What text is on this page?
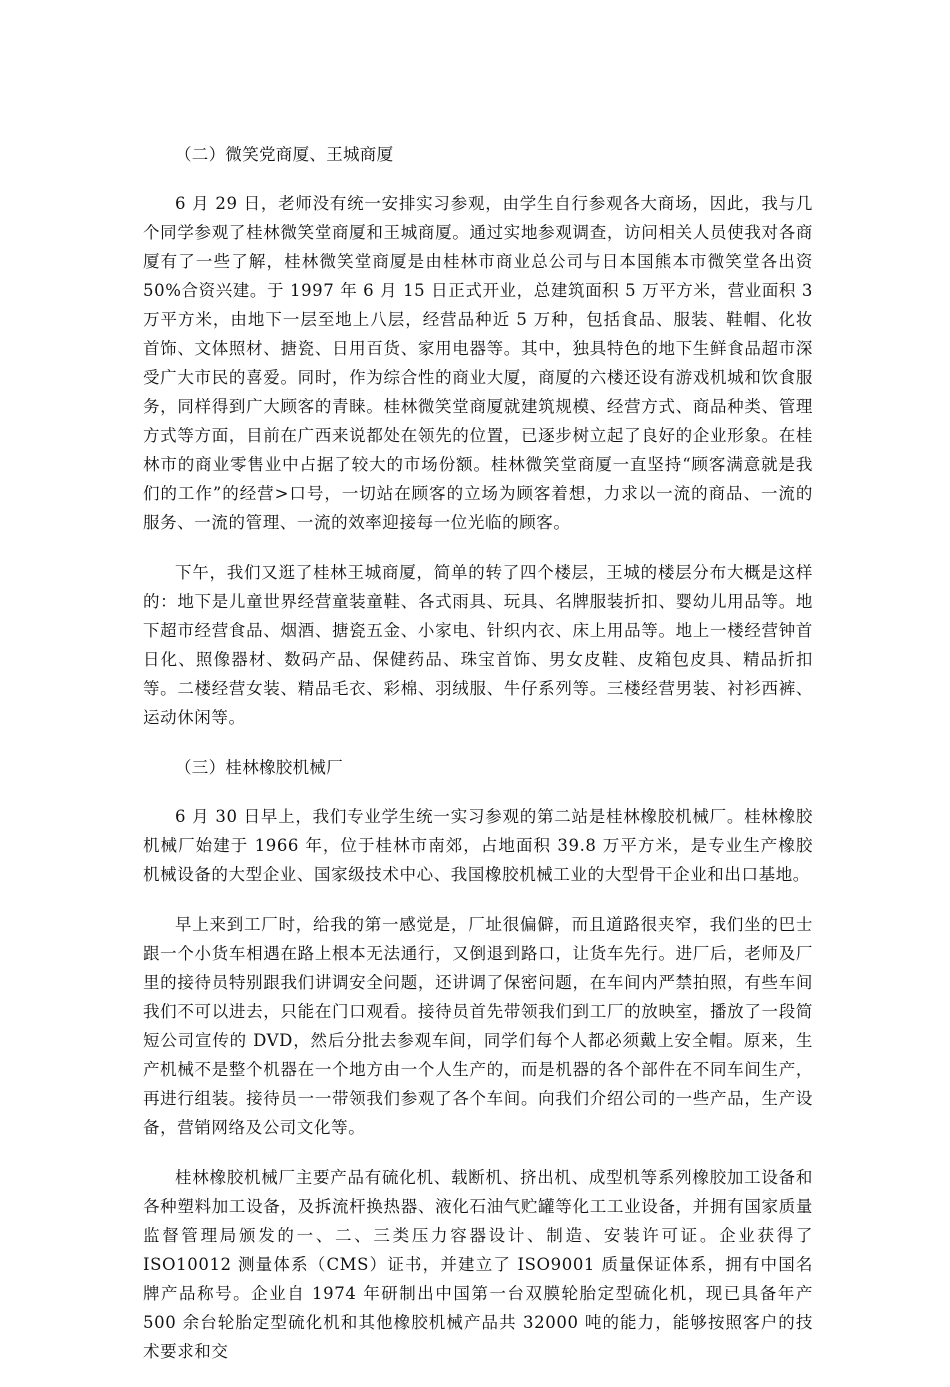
（二）微笑党商厦、王城商厦

6 月 29 日，老师没有统一安排实习参观，由学生自行参观各大商场，因此，我与几个同学参观了桂林微笑堂商厦和王城商厦。通过实地参观调查，访问相关人员使我对各商厦有了一些了解，桂林微笑堂商厦是由桂林市商业总公司与日本国熊本市微笑堂各出资 50%合资兴建。于 1997 年 6 月 15 日正式开业，总建筑面积 5 万平方米，营业面积 3 万平方米，由地下一层至地上八层，经营品种近 5 万种，包括食品、服装、鞋帽、化妆首饰、文体照材、搪瓷、日用百货、家用电器等。其中，独具特色的地下生鲜食品超市深受广大市民的喜爱。同时，作为综合性的商业大厦，商厦的六楼还设有游戏机城和饮食服务，同样得到广大顾客的青睐。桂林微笑堂商厦就建筑规模、经营方式、商品种类、管理方式等方面，目前在广西来说都处在领先的位置，已逐步树立起了良好的企业形象。在桂林市的商业零售业中占据了较大的市场份额。桂林微笑堂商厦一直坚持“顾客满意就是我们的工作”的经营>口号，一切站在顾客的立场为顾客着想，力求以一流的商品、一流的服务、一流的管理、一流的效率迎接每一位光临的顾客。

下午，我们又逛了桂林王城商厦，简单的转了四个楼层，王城的楼层分布大概是这样的：地下是儿童世界经营童装童鞋、各式雨具、玩具、名牌服装折扣、婴幼儿用品等。地下超市经营食品、烟酒、搪瓷五金、小家电、针织内衣、床上用品等。地上一楼经营钟首日化、照像器材、数码产品、保健药品、珠宝首饰、男女皮鞋、皮箱包皮具、精品折扣等。二楼经营女装、精品毛衣、彩棉、羽绒服、牛仔系列等。三楼经营男装、衬衫西裤、运动休闲等。

（三）桂林橡胶机械厂

6 月 30 日早上，我们专业学生统一实习参观的第二站是桂林橡胶机械厂。桂林橡胶机械厂始建于 1966 年，位于桂林市南郊，占地面积 39.8 万平方米，是专业生产橡胶机械设备的大型企业、国家级技术中心、我国橡胶机械工业的大型骨干企业和出口基地。

早上来到工厂时，给我的第一感觉是，厂址很偏僻，而且道路很夹窄，我们坐的巴士跟一个小货车相遇在路上根本无法通行，又倒退到路口，让货车先行。进厂后，老师及厂里的接待员特别跟我们讲调安全问题，还讲调了保密问题，在车间内严禁拍照，有些车间我们不可以进去，只能在门口观看。接待员首先带领我们到工厂的放映室，播放了一段简短公司宣传的 DVD，然后分批去参观车间，同学们每个人都必须戴上安全帽。原来，生产机械不是整个机器在一个地方由一个人生产的，而是机器的各个部件在不同车间生产，再进行组装。接待员一一带领我们参观了各个车间。向我们介绍公司的一些产品，生产设备，营销网络及公司文化等。

桂林橡胶机械厂主要产品有硫化机、载断机、挤出机、成型机等系列橡胶加工设备和各种塑料加工设备，及拆流杆换热器、液化石油气贮罐等化工工业设备，并拥有国家质量监督管理局颁发的一、二、三类压力容器设计、制造、安装许可证。企业获得了 ISO10012 测量体系（CMS）证书，并建立了 ISO9001 质量保证体系，拥有中国名牌产品称号。企业自 1974 年研制出中国第一台双膜轮胎定型硫化机，现已具备年产 500 余台轮胎定型硫化机和其他橡胶机械产品共 32000 吨的能力，能够按照客户的技术要求和交
